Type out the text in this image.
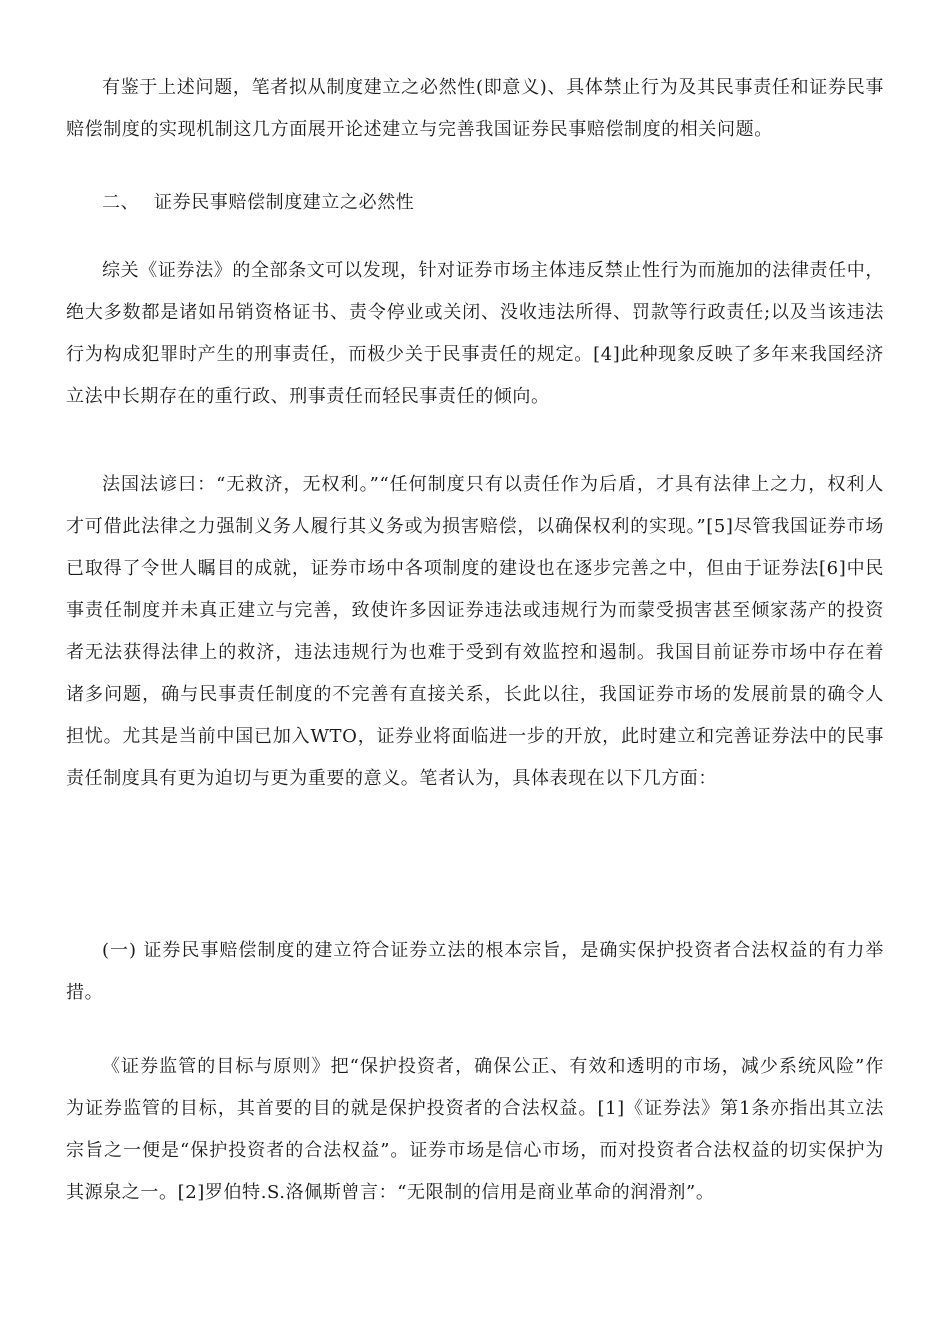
有鉴于上述问题，笔者拟从制度建立之必然性(即意义)、具体禁止行为及其民事责任和证券民事赔偿制度的实现机制这几方面展开论述建立与完善我国证券民事赔偿制度的相关问题。

二、 证券民事赔偿制度建立之必然性

综关《证券法》的全部条文可以发现，针对证券市场主体违反禁止性行为而施加的法律责任中，绝大多数都是诸如吊销资格证书、责令停业或关闭、没收违法所得、罚款等行政责任;以及当该违法行为构成犯罪时产生的刑事责任，而极少关于民事责任的规定。[4]此种现象反映了多年来我国经济立法中长期存在的重行政、刑事责任而轻民事责任的倾向。

法国法谚曰：“无救济，无权利。”“任何制度只有以责任作为后盾，才具有法律上之力，权利人才可借此法律之力强制义务人履行其义务或为损害赔偿，以确保权利的实现。”[5]尽管我国证券市场已取得了令世人瞩目的成就，证券市场中各项制度的建设也在逐步完善之中，但由于证券法[6]中民事责任制度并未真正建立与完善，致使许多因证券违法或违规行为而蒙受损害甚至倾家荡产的投资者无法获得法律上的救济，违法违规行为也难于受到有效监控和遏制。我国目前证券市场中存在着诸多问题，确与民事责任制度的不完善有直接关系，长此以往，我国证券市场的发展前景的确令人担忧。尤其是当前中国已加入WTO，证券业将面临进一步的开放，此时建立和完善证券法中的民事责任制度具有更为迫切与更为重要的意义。笔者认为，具体表现在以下几方面：

(一) 证券民事赔偿制度的建立符合证券立法的根本宗旨，是确实保护投资者合法权益的有力举措。

《证券监管的目标与原则》把“保护投资者，确保公正、有效和透明的市场，减少系统风险”作为证券监管的目标，其首要的目的就是保护投资者的合法权益。[1]《证券法》第1条亦指出其立法宗旨之一便是“保护投资者的合法权益”。证券市场是信心市场，而对投资者合法权益的切实保护为其源泉之一。[2]罗伯特.S.洛佩斯曾言：“无限制的信用是商业革命的润滑剂”。
